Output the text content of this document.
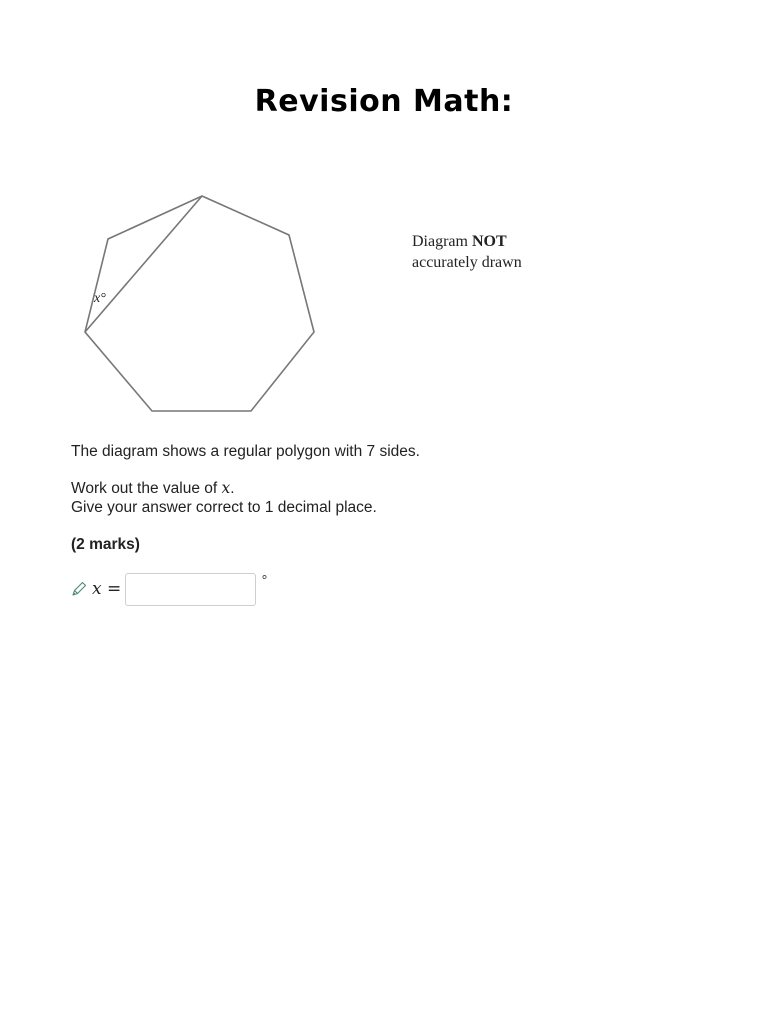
Revision Math:
x°
Diagram NOT
accurately drawn
The diagram shows a regular polygon with 7 sides.
Work out the value of x.
Give your answer correct to 1 decimal place.
(2 marks)
x =	°
